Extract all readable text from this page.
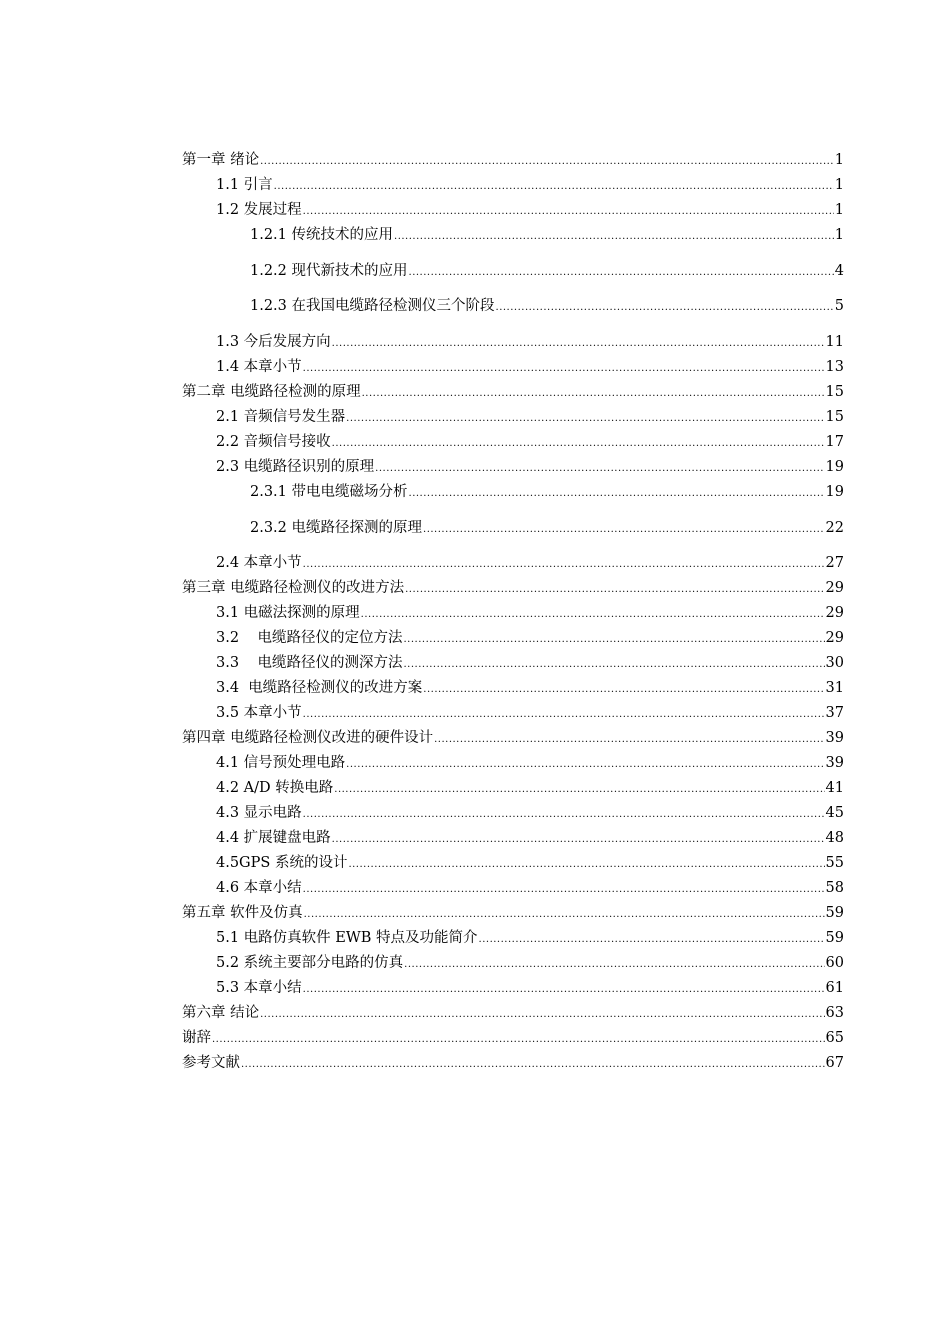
第一章 绪论 .....	1
1.1 引言 .....	1
1.2 发展过程 .....	1
1.2.1 传统技术的应用 .....	1
1.2.2 现代新技术的应用 .....	4
1.2.3 在我国电缆路径检测仪三个阶段 .....	5
1.3 今后发展方向 .....	11
1.4 本章小节 .....	13
第二章 电缆路径检测的原理 .....	15
2.1 音频信号发生器 .....	15
2.2 音频信号接收 .....	17
2.3 电缆路径识别的原理 .....	19
2.3.1 带电电缆磁场分析 .....	19
2.3.2 电缆路径探测的原理 .....	22
2.4 本章小节 .....	27
第三章 电缆路径检测仪的改进方法 .....	29
3.1 电磁法探测的原理 .....	29
3.2    电缆路径仪的定位方法 .....	29
3.3    电缆路径仪的测深方法 .....	30
3.4  电缆路径检测仪的改进方案 .....	31
3.5 本章小节 .....	37
第四章 电缆路径检测仪改进的硬件设计 .....	39
4.1 信号预处理电路 .....	39
4.2 A/D 转换电路 .....	41
4.3 显示电路 .....	45
4.4 扩展键盘电路 .....	48
4.5GPS 系统的设计 .....	55
4.6 本章小结 .....	58
第五章 软件及仿真 .....	59
5.1 电路仿真软件 EWB 特点及功能简介 .....	59
5.2 系统主要部分电路的仿真 .....	60
5.3 本章小结 .....	61
第六章 结论 .....	63
谢辞 .....	65
参考文献 .....	67
